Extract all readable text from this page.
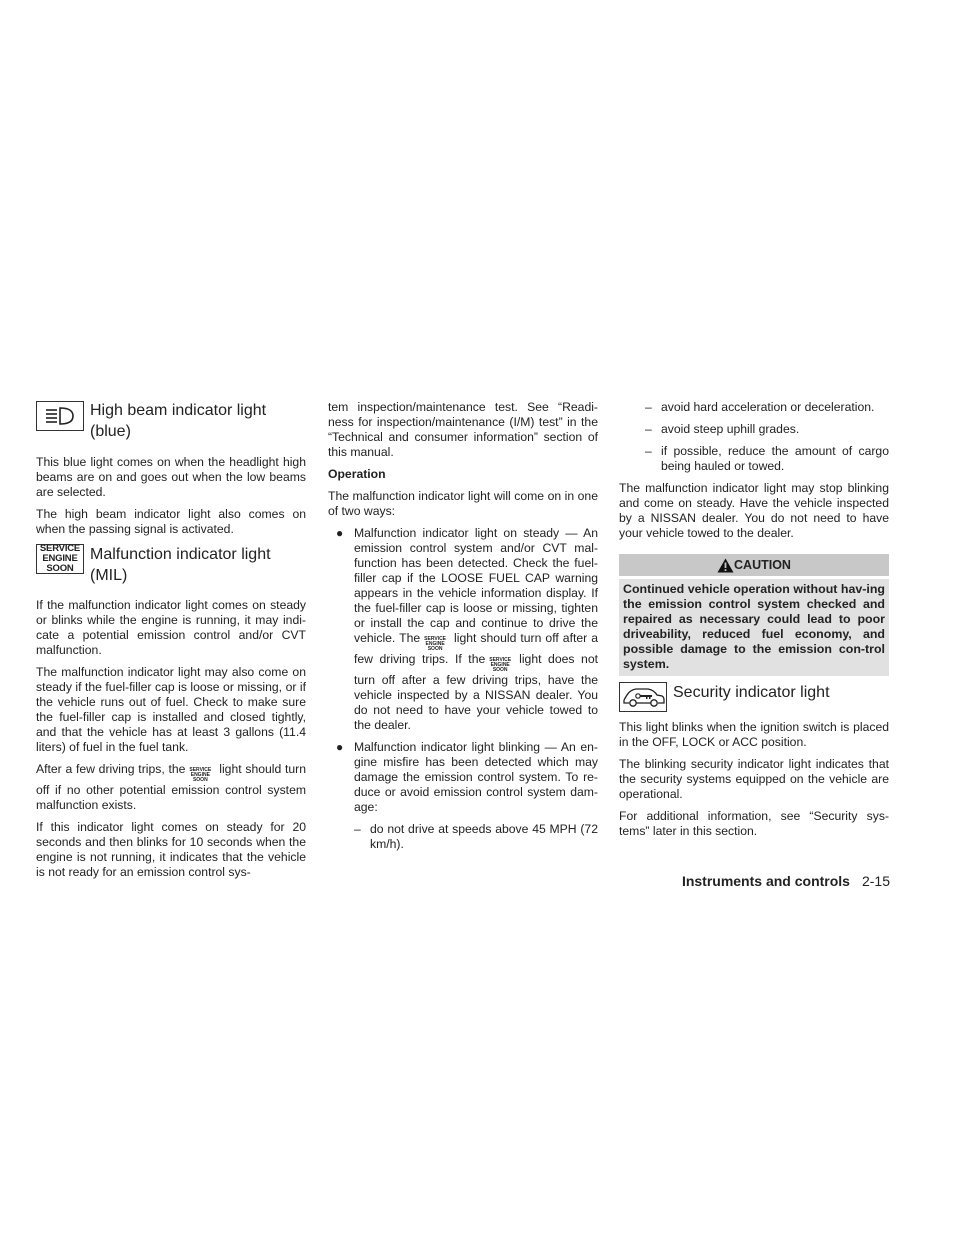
High beam indicator light (blue)

This blue light comes on when the headlight high beams are on and goes out when the low beams are selected.

The high beam indicator light also comes on when the passing signal is activated.

SERVICE
ENGINE
SOON
Malfunction indicator light (MIL)

If the malfunction indicator light comes on steady or blinks while the engine is running, it may indi-cate a potential emission control and/or CVT malfunction.

The malfunction indicator light may also come on steady if the fuel-filler cap is loose or missing, or if the vehicle runs out of fuel. Check to make sure the fuel-filler cap is installed and closed tightly, and that the vehicle has at least 3 gallons (11.4 liters) of fuel in the fuel tank.

After a few driving trips, the SERVICE
ENGINE
SOON
light should turn off if no other potential emission control system malfunction exists.

If this indicator light comes on steady for 20 seconds and then blinks for 10 seconds when the engine is not running, it indicates that the vehicle is not ready for an emission control sys-

tem inspection/maintenance test. See “Readi-ness for inspection/maintenance (I/M) test” in the “Technical and consumer information” section of this manual.

Operation

The malfunction indicator light will come on in one of two ways:

● Malfunction indicator light on steady — An emission control system and/or CVT mal-function has been detected. Check the fuel-filler cap if the LOOSE FUEL CAP warning appears in the vehicle information display. If the fuel-filler cap is loose or missing, tighten or install the cap and continue to drive the vehicle. The SERVICE
ENGINE
SOON
light should turn off after a few driving trips. If the SERVICE
ENGINE
SOON
light does not turn off after a few driving trips, have the vehicle inspected by a NISSAN dealer. You do not need to have your vehicle towed to the dealer.
● Malfunction indicator light blinking — An en-gine misfire has been detected which may damage the emission control system. To re-duce or avoid emission control system dam-age:
– do not drive at speeds above 45 MPH (72 km/h).
– avoid hard acceleration or deceleration.
– avoid steep uphill grades.
– if possible, reduce the amount of cargo being hauled or towed.

The malfunction indicator light may stop blinking and come on steady. Have the vehicle inspected by a NISSAN dealer. You do not need to have your vehicle towed to the dealer.

CAUTION
Continued vehicle operation without hav-ing the emission control system checked and repaired as necessary could lead to poor driveability, reduced fuel economy, and possible damage to the emission con-trol system.
Security indicator light

This light blinks when the ignition switch is placed in the OFF, LOCK or ACC position.

The blinking security indicator light indicates that the security systems equipped on the vehicle are operational.

For additional information, see “Security sys-tems” later in this section.

Instruments and controls 2-15
